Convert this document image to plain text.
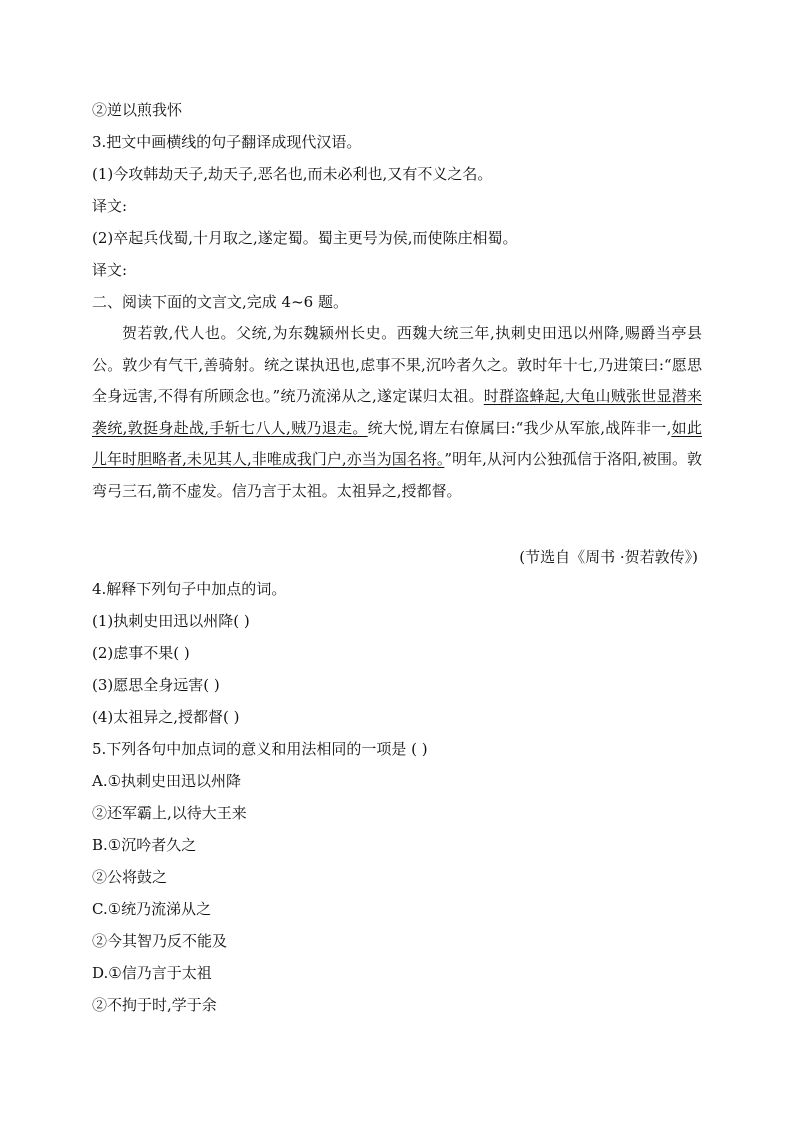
②逆以煎我怀
3.把文中画横线的句子翻译成现代汉语。
(1)今攻韩劫天子,劫天子,恶名也,而未必利也,又有不义之名。
译文:
(2)卒起兵伐蜀,十月取之,遂定蜀。蜀主更号为侯,而使陈庄相蜀。
译文:
二、阅读下面的文言文,完成 4~6 题。
贺若敦,代人也。父统,为东魏颍州长史。西魏大统三年,执刺史田迅以州降,赐爵当亭县公。敦少有气干,善骑射。统之谋执迅也,虑事不果,沉吟者久之。敦时年十七,乃进策曰:“愿思全身远害,不得有所顾念也。”统乃流涕从之,遂定谋归太祖。时群盗蜂起,大龟山贼张世显潜来袭统,敦挺身赴战,手斩七八人,贼乃退走。统大悦,谓左右僚属曰:“我少从军旅,战阵非一,如此儿年时胆略者,未见其人,非唯成我门户,亦当为国名将。”明年,从河内公独孤信于洛阳,被围。敦弯弓三石,箭不虚发。信乃言于太祖。太祖异之,授都督。
(节选自《周书 ·贺若敦传》)
4.解释下列句子中加点的词。
(1)执刺史田迅以州降( )
(2)虑事不果( )
(3)愿思全身远害( )
(4)太祖异之,授都督( )
5.下列各句中加点词的意义和用法相同的一项是 ( )
A.①执刺史田迅以州降
②还军霸上,以待大王来
B.①沉吟者久之
②公将鼓之
C.①统乃流涕从之
②今其智乃反不能及
D.①信乃言于太祖
②不拘于时,学于余
